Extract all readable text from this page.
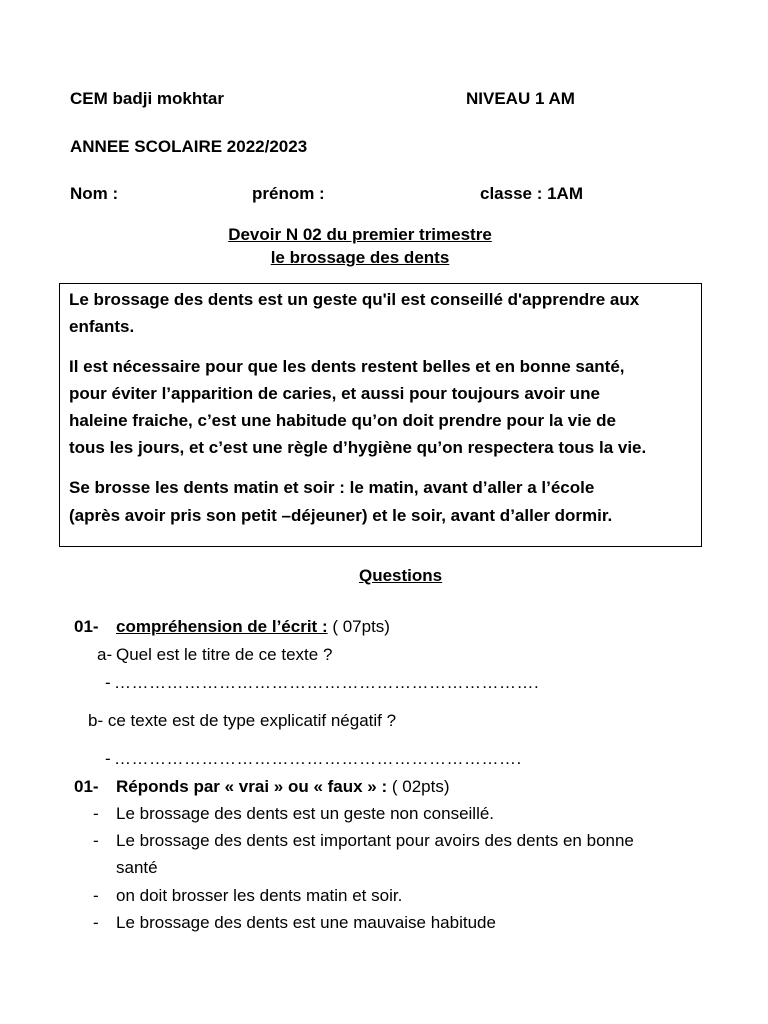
CEM badji mokhtar	NIVEAU 1 AM
ANNEE SCOLAIRE 2022/2023
Nom :	prénom :	classe : 1AM
Devoir N 02 du premier trimestre
le brossage des dents
Le brossage des dents est un geste qu'il est conseillé d'apprendre aux
enfants.
Il est nécessaire pour que les dents restent belles et en bonne santé,
pour éviter l’apparition de caries, et aussi pour toujours avoir une
haleine fraiche, c’est une habitude qu’on doit prendre pour la vie de
tous les jours, et c’est une règle d’hygiène qu’on respectera tous la vie.
Se brosse les dents matin et soir : le matin, avant d’aller a l’école
(après avoir pris son petit –déjeuner) et le soir, avant d’aller dormir.
Questions
01- compréhension de l’écrit : ( 07pts)
a- Quel est le titre de ce texte ?
- ……………………………………………………………….
b- ce texte est de type explicatif négatif ?
- …………………………………………………………….
01- Réponds par « vrai » ou « faux » : ( 02pts)
- Le brossage des dents est un geste non conseillé.
- Le brossage des dents est important pour avoirs des dents en bonne
santé
- on doit brosser les dents matin et soir.
- Le brossage des dents est une mauvaise habitude
